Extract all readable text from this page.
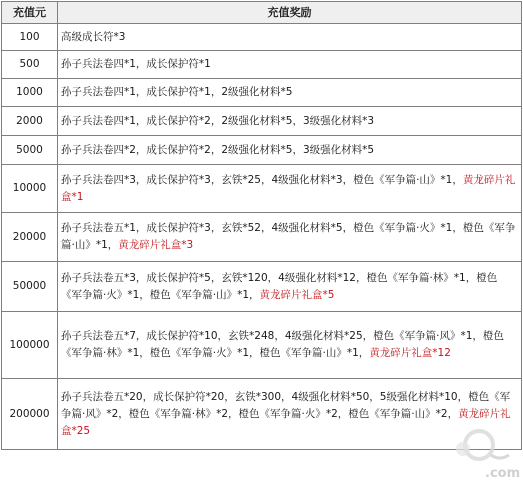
充值元	充值奖励
100	高级成长符*3
500	孙子兵法卷四*1，成长保护符*1
1000	孙子兵法卷四*1，成长保护符*1，2级强化材料*5
2000	孙子兵法卷四*1，成长保护符*2，2级强化材料*5，3级强化材料*3
5000	孙子兵法卷四*2，成长保护符*2，2级强化材料*5，3级强化材料*5
10000	孙子兵法卷四*3，成长保护符*3，玄铁*25，4级强化材料*3，橙色《军争篇·山》*1，黄龙碎片礼盒*1
20000	孙子兵法卷五*1，成长保护符*3，玄铁*52，4级强化材料*5，橙色《军争篇·火》*1，橙色《军争篇·山》*1，黄龙碎片礼盒*3
50000	孙子兵法卷五*3，成长保护符*5，玄铁*120，4级强化材料*12，橙色《军争篇·林》*1，橙色《军争篇·火》*1，橙色《军争篇·山》*1，黄龙碎片礼盒*5
100000	孙子兵法卷五*7，成长保护符*10，玄铁*248，4级强化材料*25，橙色《军争篇·风》*1，橙色《军争篇·林》*1，橙色《军争篇·火》*1，橙色《军争篇·山》*1，黄龙碎片礼盒*12
200000	孙子兵法卷五*20，成长保护符*20，玄铁*300，4级强化材料*50，5级强化材料*10，橙色《军争篇·风》*2，橙色《军争篇·林》*2，橙色《军争篇·火》*2，橙色《军争篇·山》*2，黄龙碎片礼盒*25
.com
